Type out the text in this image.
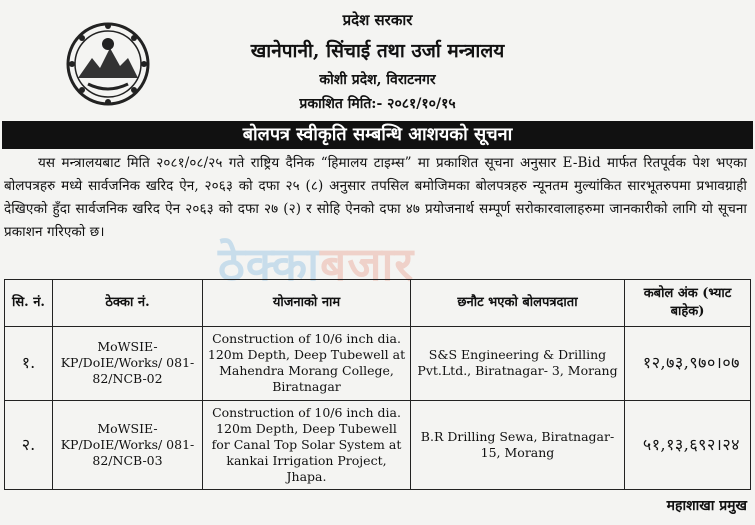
प्रदेश सरकार
खानेपानी, सिंचाई तथा उर्जा मन्त्रालय
कोशी प्रदेश, विराटनगर
प्रकाशित मिति:- २०८१/१०/१५
बोलपत्र स्वीकृति सम्बन्धि आशयको सूचना
यस मन्त्रालयबाट मिति २०८१/०८/२५ गते राष्ट्रिय दैनिक “हिमालय टाइम्स” मा प्रकाशित सूचना अनुसार E-Bid मार्फत रितपूर्वक पेश भएका बोलपत्रहरु मध्ये सार्वजनिक खरिद ऐन, २०६३ को दफा २५ (८) अनुसार तपसिल बमोजिमका बोलपत्रहरु न्यूनतम मुल्यांकित सारभूतरुपमा प्रभावग्राही देखिएको हुँदा सार्वजनिक खरिद ऐन २०६३ को दफा २७ (२) र सोहि ऐनको दफा ४७ प्रयोजनार्थ सम्पूर्ण सरोकारवालाहरुमा जानकारीको लागि यो सूचना प्रकाशन गरिएको छ।
ठेक्काबजार
सि. नं.	ठेक्का नं.	योजनाको नाम	छनौट भएको बोलपत्रदाता	कबोल अंक (भ्याट बाहेक)
१.	MoWSIE-KP/DoIE/Works/ 081-82/NCB-02	Construction of 10/6 inch dia. 120m Depth, Deep Tubewell at Mahendra Morang College, Biratnagar	S&S Engineering & Drilling Pvt.Ltd., Biratnagar- 3, Morang	१२,७३,९७०।०७
२.	MoWSIE-KP/DoIE/Works/ 081-82/NCB-03	Construction of 10/6 inch dia. 120m Depth, Deep Tubewell for Canal Top Solar System at kankai Irrigation Project, Jhapa.	B.R Drilling Sewa, Biratnagar- 15, Morang	५१,१३,६९२।२४
महाशाखा प्रमुख
